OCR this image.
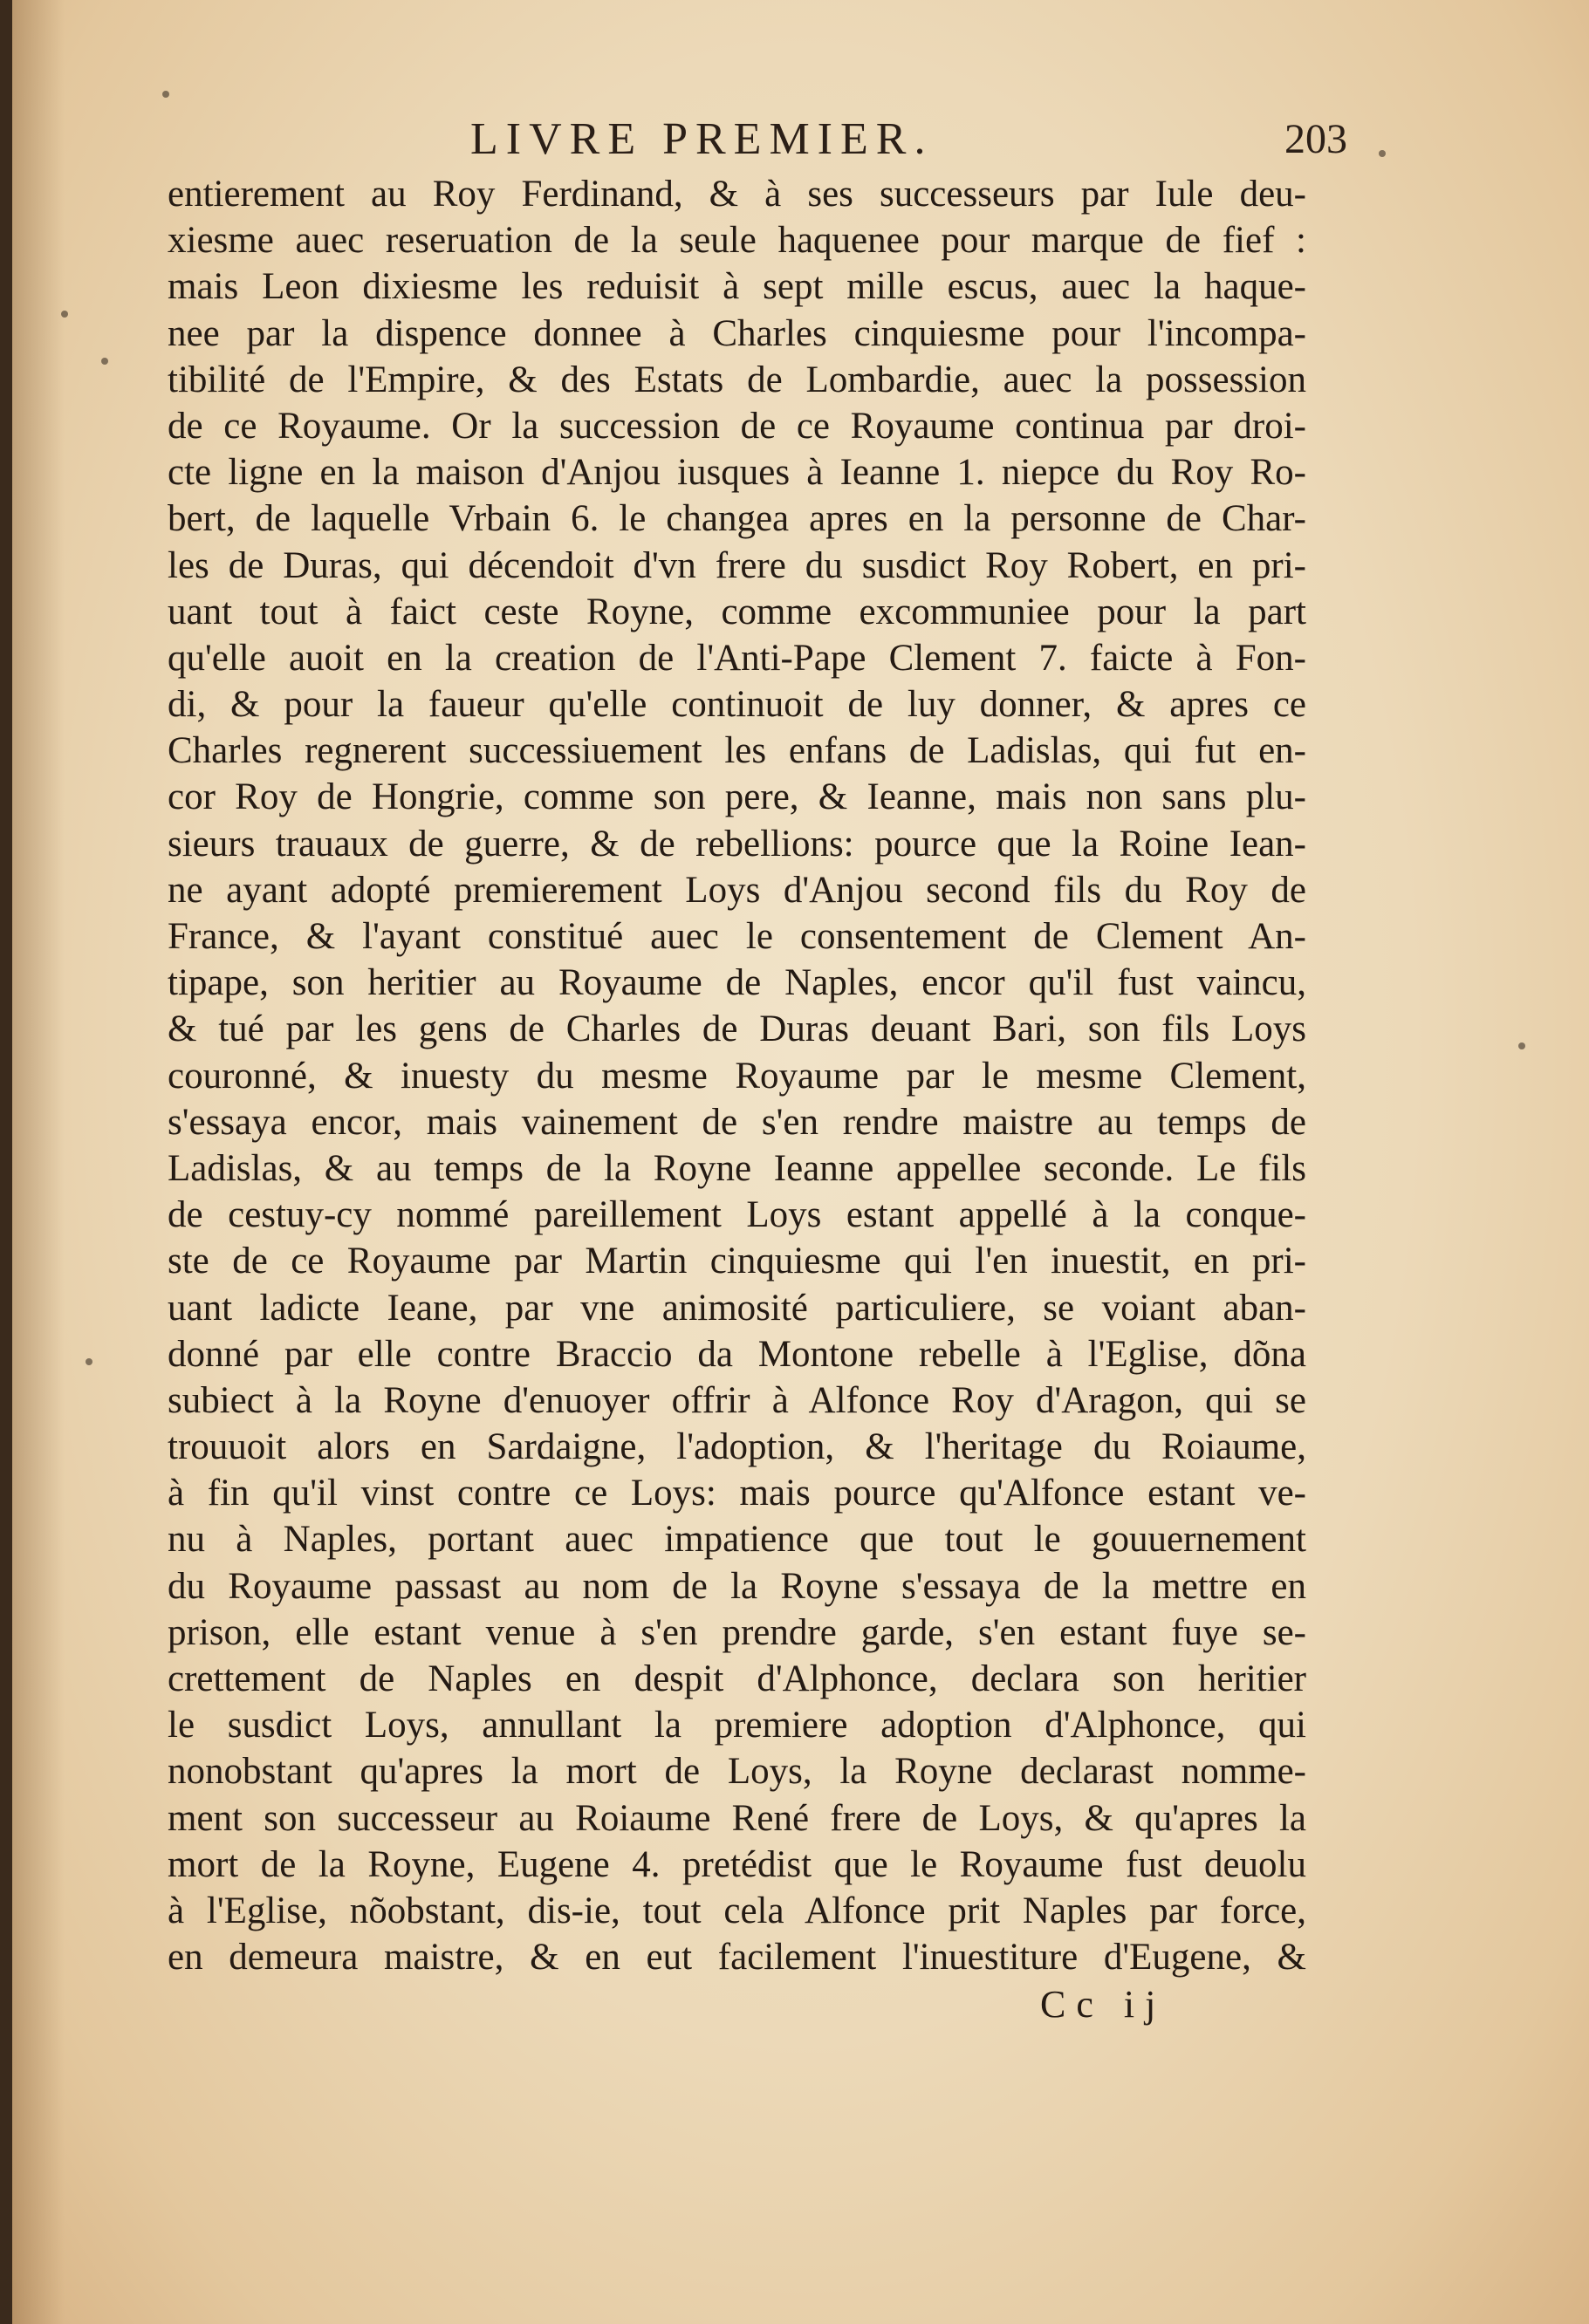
LIVRE PREMIER.	203
entierement au Roy Ferdinand, & à ses successeurs par Iule deu-
xiesme auec reseruation de la seule haquenee pour marque de fief :
mais Leon dixiesme les reduisit à sept mille escus, auec la haque-
nee par la dispence donnee à Charles cinquiesme pour l'incompa-
tibilité de l'Empire, & des Estats de Lombardie, auec la possession
de ce Royaume. Or la succession de ce Royaume continua par droi-
cte ligne en la maison d'Anjou iusques à Ieanne 1. niepce du Roy Ro-
bert, de laquelle Vrbain 6. le changea apres en la personne de Char-
les de Duras, qui décendoit d'vn frere du susdict Roy Robert, en pri-
uant tout à faict ceste Royne, comme excommuniee pour la part
qu'elle auoit en la creation de l'Anti-Pape Clement 7. faicte à Fon-
di, & pour la faueur qu'elle continuoit de luy donner, & apres ce
Charles regnerent successiuement les enfans de Ladislas, qui fut en-
cor Roy de Hongrie, comme son pere, & Ieanne, mais non sans plu-
sieurs trauaux de guerre, & de rebellions: pource que la Roine Iean-
ne ayant adopté premierement Loys d'Anjou second fils du Roy de
France, & l'ayant constitué auec le consentement de Clement An-
tipape, son heritier au Royaume de Naples, encor qu'il fust vaincu,
& tué par les gens de Charles de Duras deuant Bari, son fils Loys
couronné, & inuesty du mesme Royaume par le mesme Clement,
s'essaya encor, mais vainement de s'en rendre maistre au temps de
Ladislas, & au temps de la Royne Ieanne appellee seconde. Le fils
de cestuy-cy nommé pareillement Loys estant appellé à la conque-
ste de ce Royaume par Martin cinquiesme qui l'en inuestit, en pri-
uant ladicte Ieane, par vne animosité particuliere, se voiant aban-
donné par elle contre Braccio da Montone rebelle à l'Eglise, dõna
subiect à la Royne d'enuoyer offrir à Alfonce Roy d'Aragon, qui se
trouuoit alors en Sardaigne, l'adoption, & l'heritage du Roiaume,
à fin qu'il vinst contre ce Loys: mais pource qu'Alfonce estant ve-
nu à Naples, portant auec impatience que tout le gouuernement
du Royaume passast au nom de la Royne s'essaya de la mettre en
prison, elle estant venue à s'en prendre garde, s'en estant fuye se-
crettement de Naples en despit d'Alphonce, declara son heritier
le susdict Loys, annullant la premiere adoption d'Alphonce, qui
nonobstant qu'apres la mort de Loys, la Royne declarast nomme-
ment son successeur au Roiaume René frere de Loys, & qu'apres la
mort de la Royne, Eugene 4. pretédist que le Royaume fust deuolu
à l'Eglise, nõobstant, dis-ie, tout cela Alfonce prit Naples par force,
en demeura maistre, & en eut facilement l'inuestiture d'Eugene, &
Cc ij
